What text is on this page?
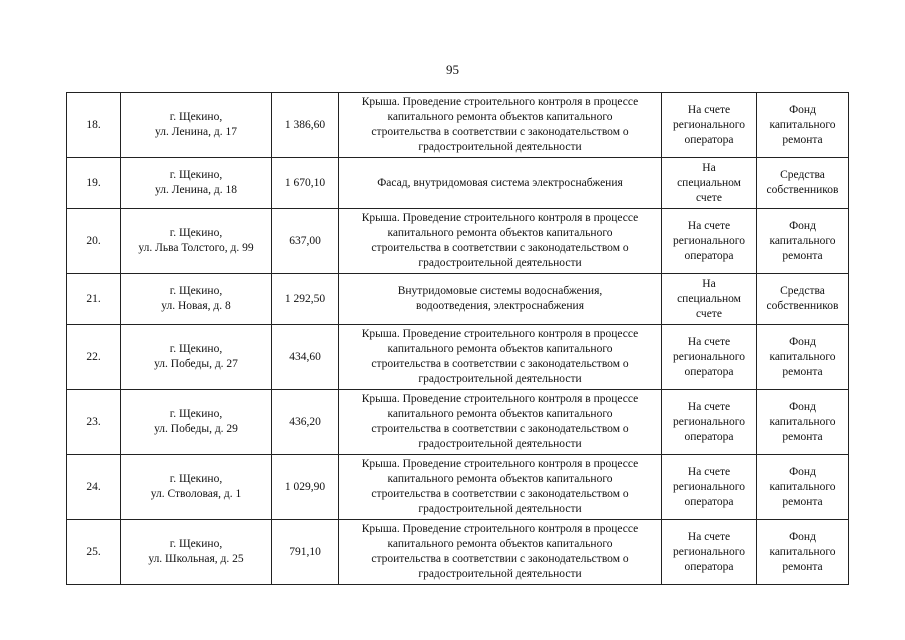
95
18.	г. Щекино,
ул. Ленина, д. 17	1 386,60	Крыша. Проведение строительного контроля в процессе
капитального ремонта объектов капитального
строительства в соответствии с законодательством о
градостроительной деятельности	На счете
регионального
оператора	Фонд
капитального
ремонта

19.	г. Щекино,
ул. Ленина, д. 18	1 670,10	Фасад, внутридомовая система электроснабжения	На
специальном
счете	Средства
собственников

20.	г. Щекино,
ул. Льва Толстого, д. 99	637,00	Крыша. Проведение строительного контроля в процессе
капитального ремонта объектов капитального
строительства в соответствии с законодательством о
градостроительной деятельности	На счете
регионального
оператора	Фонд
капитального
ремонта

21.	г. Щекино,
ул. Новая, д. 8	1 292,50	Внутридомовые системы водоснабжения,
водоотведения, электроснабжения	На
специальном
счете	Средства
собственников

22.	г. Щекино,
ул. Победы, д. 27	434,60	Крыша. Проведение строительного контроля в процессе
капитального ремонта объектов капитального
строительства в соответствии с законодательством о
градостроительной деятельности	На счете
регионального
оператора	Фонд
капитального
ремонта

23.	г. Щекино,
ул. Победы, д. 29	436,20	Крыша. Проведение строительного контроля в процессе
капитального ремонта объектов капитального
строительства в соответствии с законодательством о
градостроительной деятельности	На счете
регионального
оператора	Фонд
капитального
ремонта

24.	г. Щекино,
ул. Стволовая, д. 1	1 029,90	Крыша. Проведение строительного контроля в процессе
капитального ремонта объектов капитального
строительства в соответствии с законодательством о
градостроительной деятельности	На счете
регионального
оператора	Фонд
капитального
ремонта

25.	г. Щекино,
ул. Школьная, д. 25	791,10	Крыша. Проведение строительного контроля в процессе
капитального ремонта объектов капитального
строительства в соответствии с законодательством о
градостроительной деятельности	На счете
регионального
оператора	Фонд
капитального
ремонта
